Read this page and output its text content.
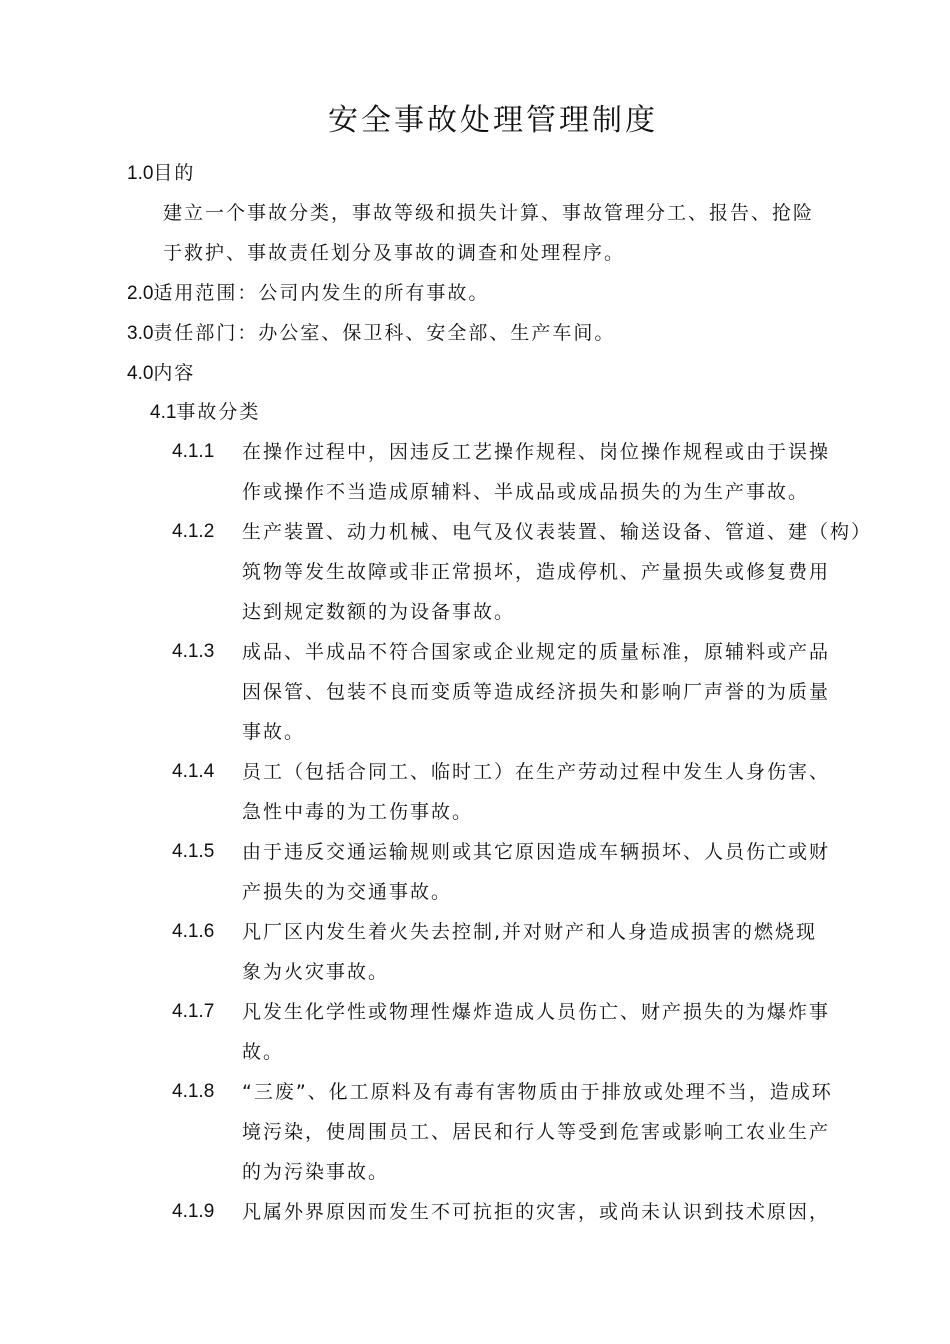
安全事故处理管理制度

1.0目的

建立一个事故分类，事故等级和损失计算、事故管理分工、报告、抢险

于救护、事故责任划分及事故的调查和处理程序。

2.0适用范围：公司内发生的所有事故。

3.0责任部门：办公室、保卫科、安全部、生产车间。

4.0内容

4.1事故分类

4.1.1 在操作过程中，因违反工艺操作规程、岗位操作规程或由于误操
作或操作不当造成原辅料、半成品或成品损失的为生产事故。
4.1.2 生产装置、动力机械、电气及仪表装置、输送设备、管道、建（构）
筑物等发生故障或非正常损坏，造成停机、产量损失或修复费用
达到规定数额的为设备事故。
4.1.3 成品、半成品不符合国家或企业规定的质量标准，原辅料或产品
因保管、包装不良而变质等造成经济损失和影响厂声誉的为质量
事故。
4.1.4 员工（包括合同工、临时工）在生产劳动过程中发生人身伤害、
急性中毒的为工伤事故。
4.1.5 由于违反交通运输规则或其它原因造成车辆损坏、人员伤亡或财
产损失的为交通事故。
4.1.6 凡厂区内发生着火失去控制,并对财产和人身造成损害的燃烧现
象为火灾事故。
4.1.7 凡发生化学性或物理性爆炸造成人员伤亡、财产损失的为爆炸事
故。
4.1.8 “三废”、化工原料及有毒有害物质由于排放或处理不当，造成环
境污染，使周围员工、居民和行人等受到危害或影响工农业生产
的为污染事故。
4.1.9 凡属外界原因而发生不可抗拒的灾害，或尚未认识到技术原因，
